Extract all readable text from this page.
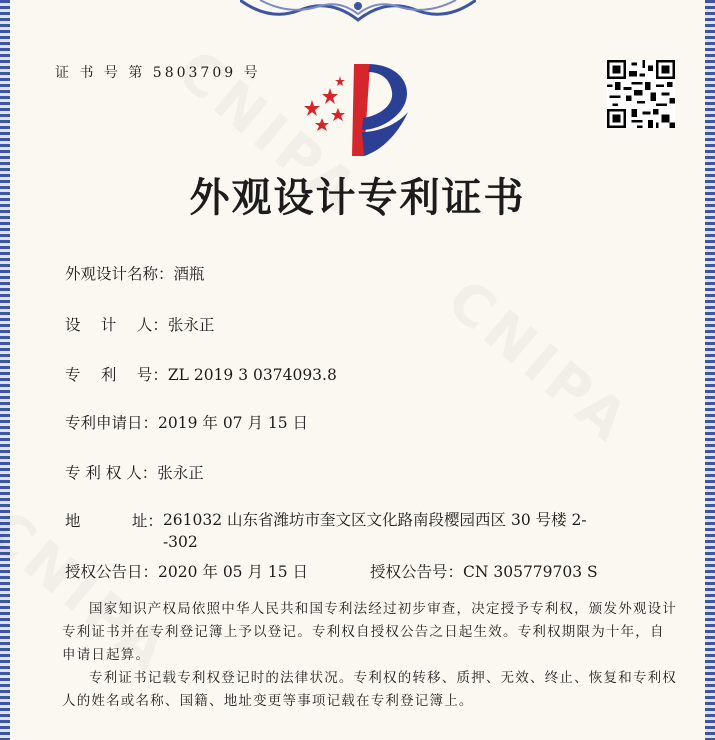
证 书 号 第 5803709 号
外观设计专利证书
外观设计名称：酒瓶
设　 计　 人：张永正
专　 利　 号：ZL 2019 3 0374093.8
专利申请日：2019 年 07 月 15 日
专 利 权 人：张永正
地　　　 址：261032 山东省潍坊市奎文区文化路南段樱园西区 30 号楼 2--302
授权公告日：2020 年 05 月 15 日	授权公告号：CN 305779703 S
国家知识产权局依照中华人民共和国专利法经过初步审查，决定授予专利权，颁发外观设计专利证书并在专利登记簿上予以登记。专利权自授权公告之日起生效。专利权期限为十年，自申请日起算。
专利证书记载专利权登记时的法律状况。专利权的转移、质押、无效、终止、恢复和专利权人的姓名或名称、国籍、地址变更等事项记载在专利登记簿上。
